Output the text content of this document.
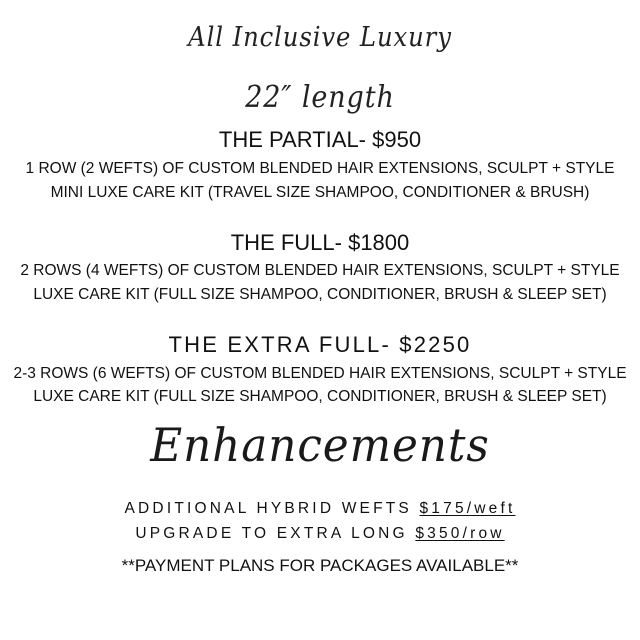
All Inclusive Luxury
22″ length
THE PARTIAL- $950
1 ROW (2 WEFTS) OF CUSTOM BLENDED HAIR EXTENSIONS, SCULPT + STYLE
MINI LUXE CARE KIT (TRAVEL SIZE SHAMPOO, CONDITIONER & BRUSH)
THE FULL- $1800
2 ROWS (4 WEFTS) OF CUSTOM BLENDED HAIR EXTENSIONS, SCULPT + STYLE
LUXE CARE KIT (FULL SIZE SHAMPOO, CONDITIONER, BRUSH & SLEEP SET)
THE EXTRA FULL- $2250
2-3 ROWS (6 WEFTS) OF CUSTOM BLENDED HAIR EXTENSIONS, SCULPT + STYLE
LUXE CARE KIT (FULL SIZE SHAMPOO, CONDITIONER, BRUSH & SLEEP SET)
Enhancements
ADDITIONAL HYBRID WEFTS $175/weft
UPGRADE TO EXTRA LONG $350/row
**PAYMENT PLANS FOR PACKAGES AVAILABLE**
